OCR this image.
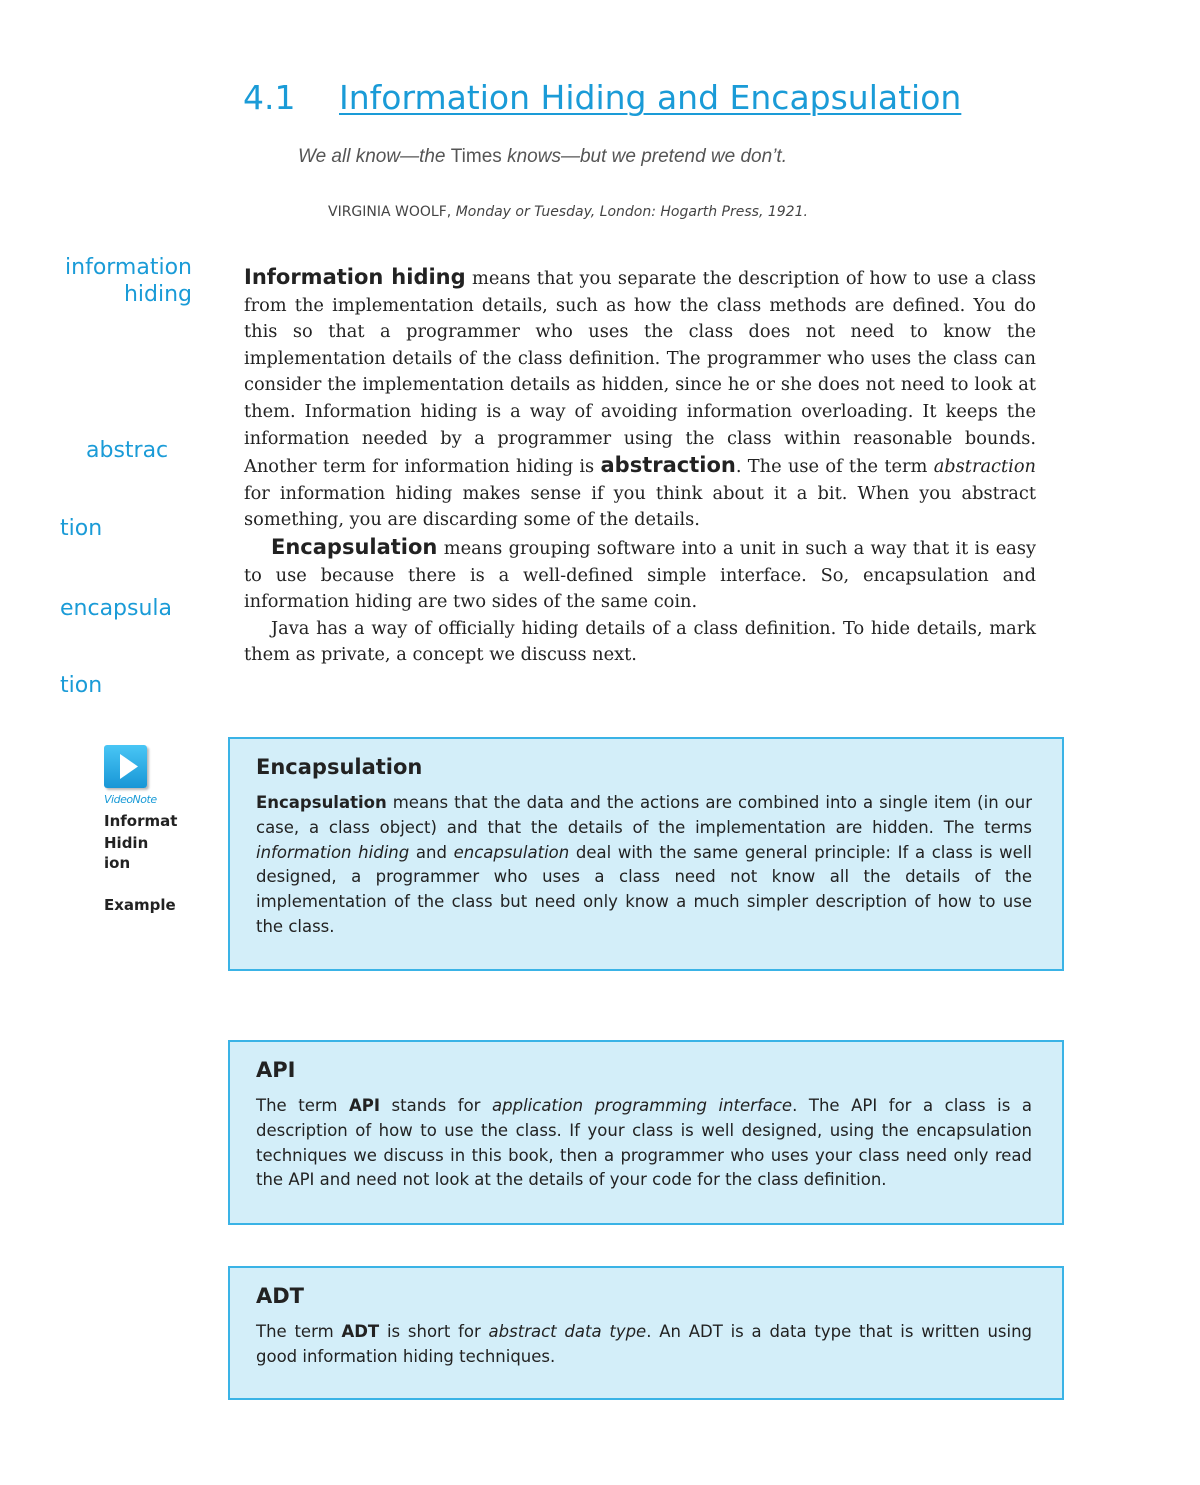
4.1 Information Hiding and Encapsulation
We all know—the Times knows—but we pretend we don’t.
VIRGINIA WOOLF, Monday or Tuesday, London: Hogarth Press, 1921.
information
hiding
abstrac
tion
encapsula
tion

Information hiding means that you separate the description of how to use a class from the implementation details, such as how the class methods are defined. You do this so that a programmer who uses the class does not need to know the implementation details of the class definition. The programmer who uses the class can consider the implementation details as hidden, since he or she does not need to look at them. Information hiding is a way of avoiding information overloading. It keeps the information needed by a programmer using the class within reasonable bounds. Another term for information hiding is abstraction. The use of the term abstraction for information hiding makes sense if you think about it a bit. When you abstract something, you are discarding some of the details.

Encapsulation means grouping software into a unit in such a way that it is easy to use because there is a well-defined simple interface. So, encapsulation and information hiding are two sides of the same coin.

Java has a way of officially hiding details of a class definition. To hide details, mark them as private, a concept we discuss next.

VideoNote
Informat
Hidin
ion
Example
Encapsulation

Encapsulation means that the data and the actions are combined into a single item (in our case, a class object) and that the details of the implementation are hidden. The terms information hiding and encapsulation deal with the same general principle: If a class is well designed, a programmer who uses a class need not know all the details of the implementation of the class but need only know a much simpler description of how to use the class.

API

The term API stands for application programming interface. The API for a class is a description of how to use the class. If your class is well designed, using the encapsulation techniques we discuss in this book, then a programmer who uses your class need only read the API and need not look at the details of your code for the class definition.

ADT

The term ADT is short for abstract data type. An ADT is a data type that is written using good information hiding techniques.
